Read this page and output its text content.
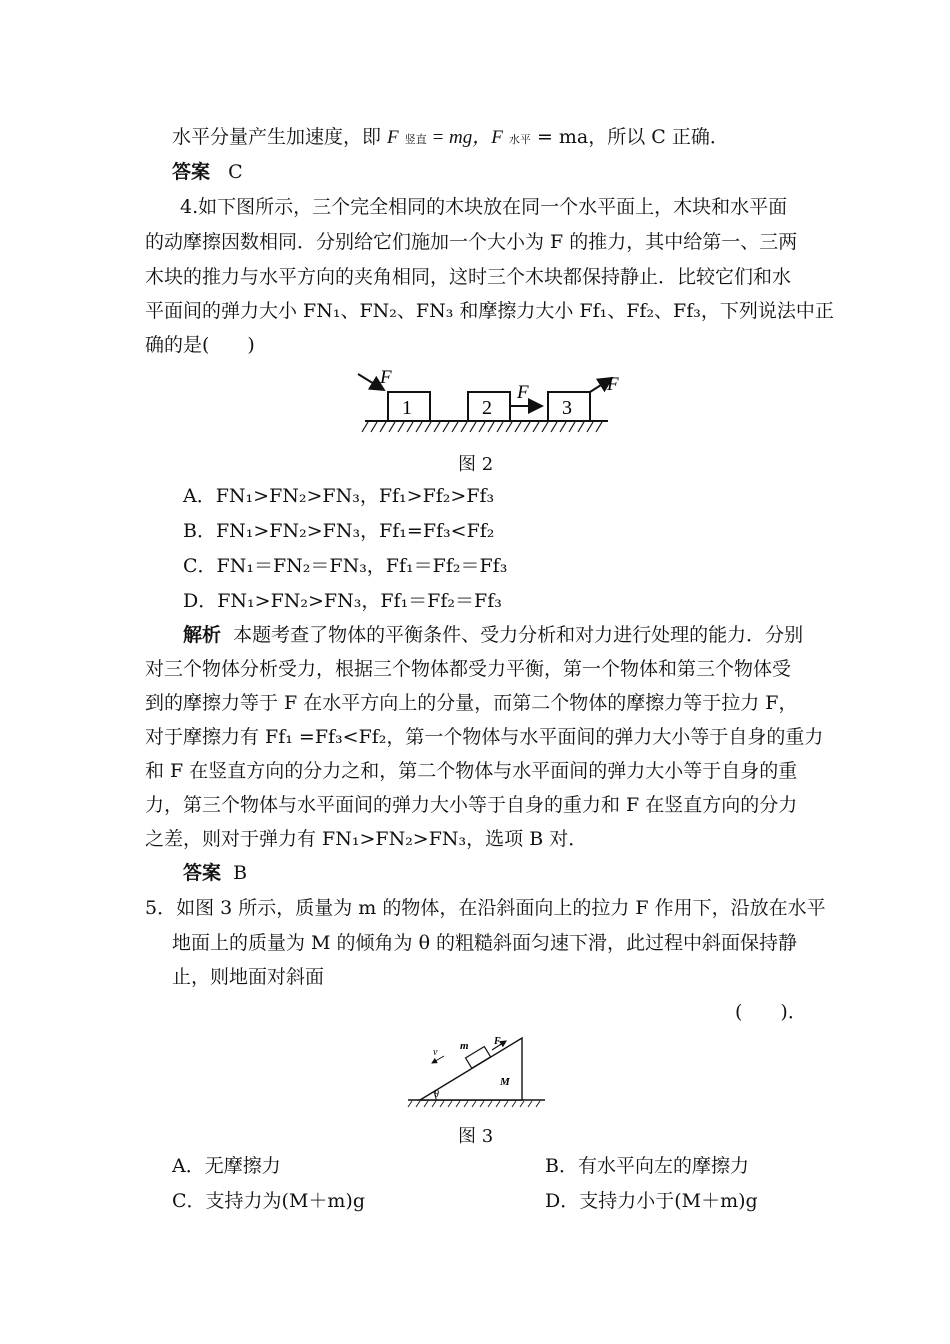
水平分量产生加速度，即 F 竖直 = mg，F 水平 = ma，所以 C 正确．
答案 C
4.如下图所示，三个完全相同的木块放在同一个水平面上，木块和水平面
的动摩擦因数相同．分别给它们施加一个大小为 F 的推力，其中给第一、三两
木块的推力与水平方向的夹角相同，这时三个木块都保持静止．比较它们和水
平面间的弹力大小 FN₁、FN₂、FN₃ 和摩擦力大小 Ff₁、Ff₂、Ff₃，下列说法中正
确的是(　　)
1	2	3
F
F	F
图 2
A．FN₁>FN₂>FN₃，Ff₁>Ff₂>Ff₃
B．FN₁>FN₂>FN₃，Ff₁=Ff₃<Ff₂
C．FN₁＝FN₂＝FN₃，Ff₁＝Ff₂＝Ff₃
D．FN₁>FN₂>FN₃，Ff₁＝Ff₂＝Ff₃
解析 本题考查了物体的平衡条件、受力分析和对力进行处理的能力．分别
对三个物体分析受力，根据三个物体都受力平衡，第一个物体和第三个物体受
到的摩擦力等于 F 在水平方向上的分量，而第二个物体的摩擦力等于拉力 F，
对于摩擦力有 Ff₁ =Ff₃<Ff₂，第一个物体与水平面间的弹力大小等于自身的重力
和 F 在竖直方向的分力之和，第二个物体与水平面间的弹力大小等于自身的重
力，第三个物体与水平面间的弹力大小等于自身的重力和 F 在竖直方向的分力
之差，则对于弹力有 FN₁>FN₂>FN₃，选项 B 对．
答案 B
5．如图 3 所示，质量为 m 的物体，在沿斜面向上的拉力 F 作用下，沿放在水平
地面上的质量为 M 的倾角为 θ 的粗糙斜面匀速下滑，此过程中斜面保持静
止，则地面对斜面
(　　)．
θ
F
m
v
M
图 3
A．无摩擦力	B．有水平向左的摩擦力
C．支持力为(M＋m)g	D．支持力小于(M＋m)g
